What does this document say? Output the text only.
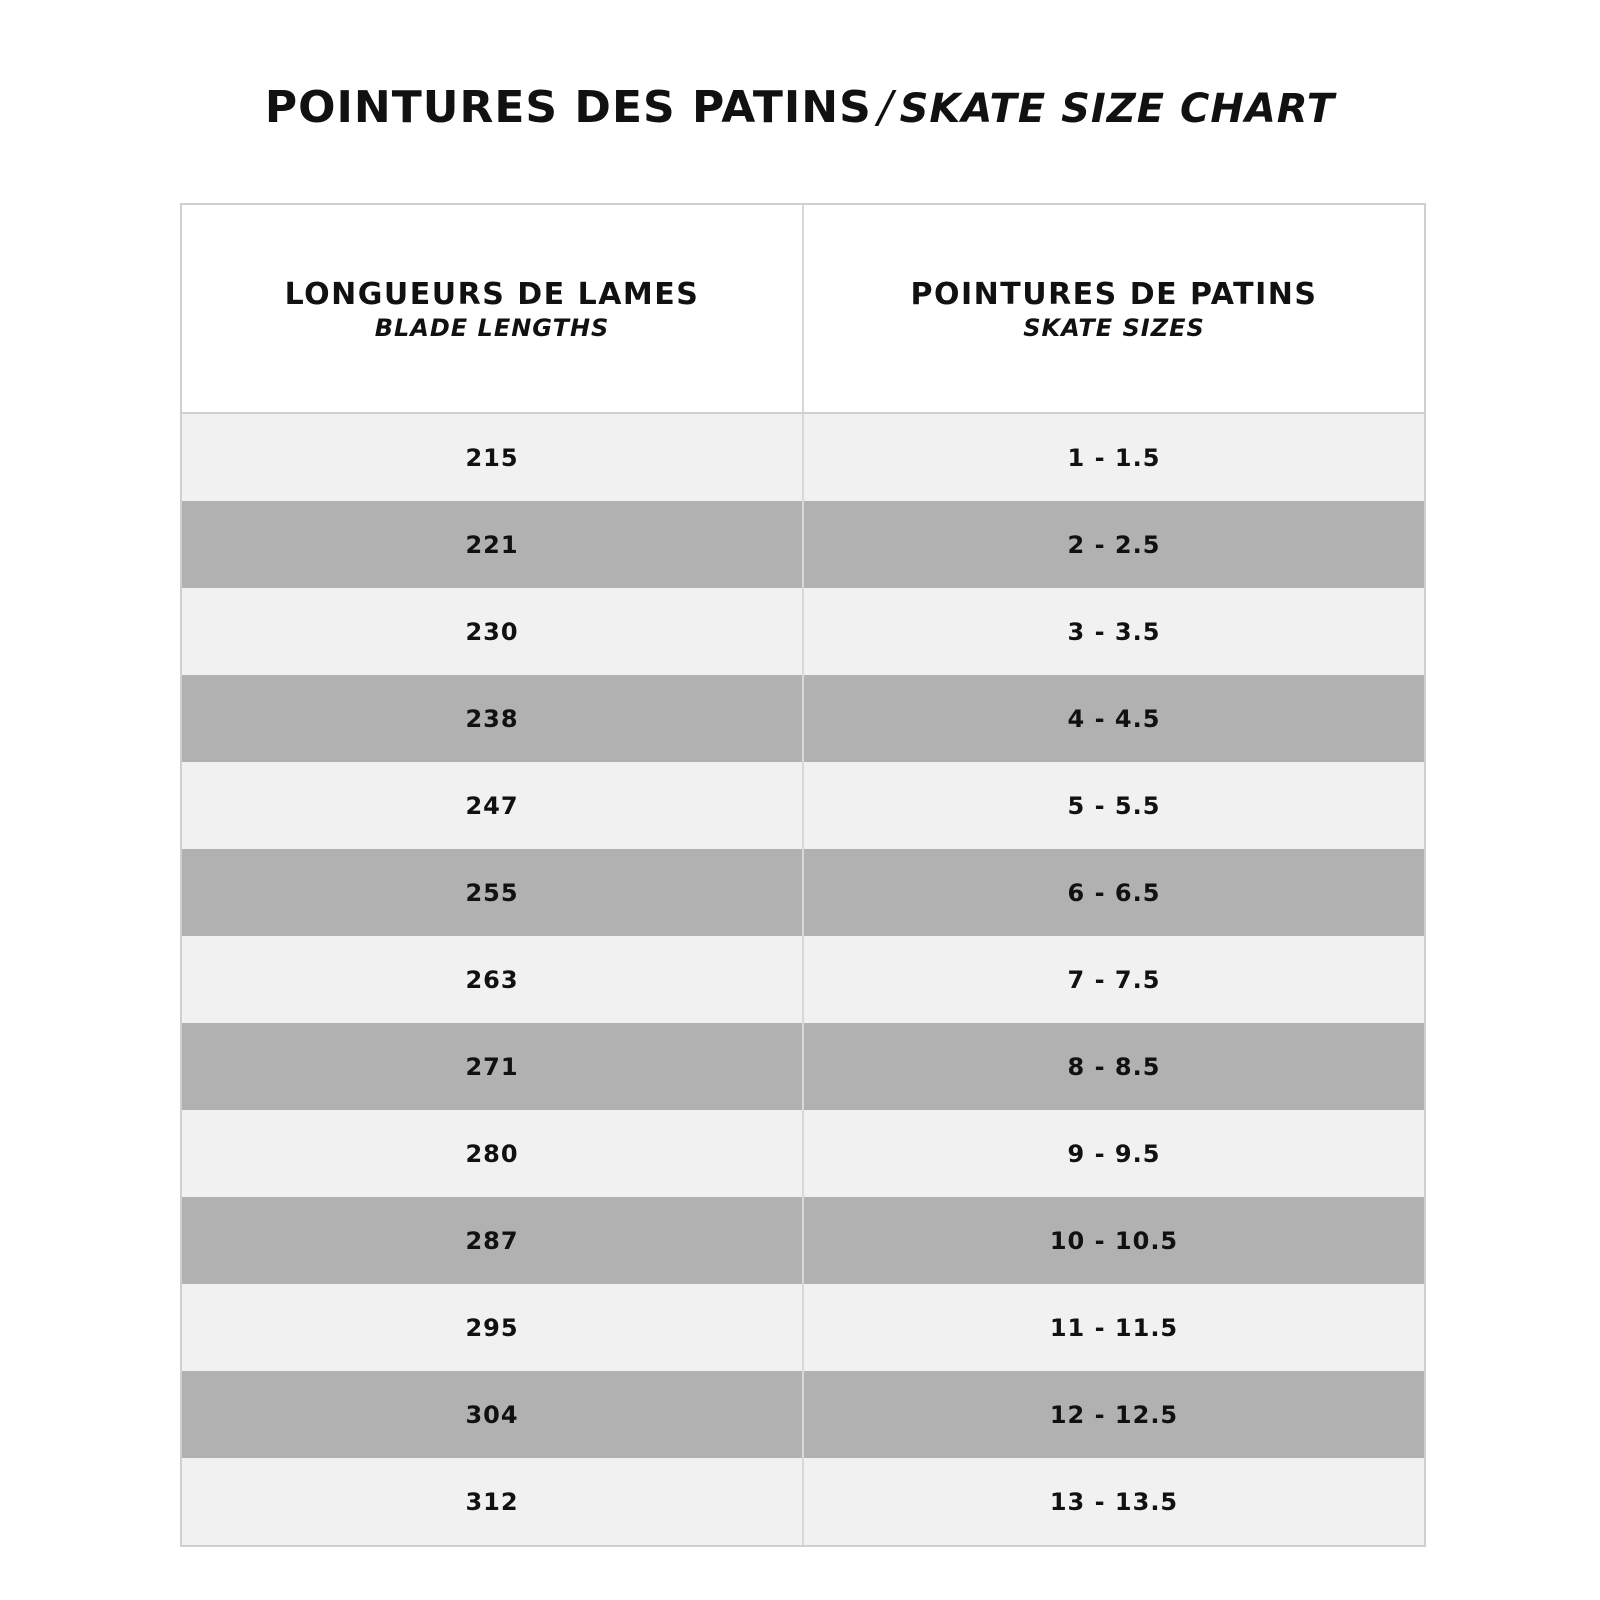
POINTURES DES PATINS / SKATE SIZE CHART
LONGUEURS DE LAMES
BLADE LENGTHS
POINTURES DE PATINS
SKATE SIZES
215	1 - 1.5
221	2 - 2.5
230	3 - 3.5
238	4 - 4.5
247	5 - 5.5
255	6 - 6.5
263	7 - 7.5
271	8 - 8.5
280	9 - 9.5
287	10 - 10.5
295	11 - 11.5
304	12 - 12.5
312	13 - 13.5
